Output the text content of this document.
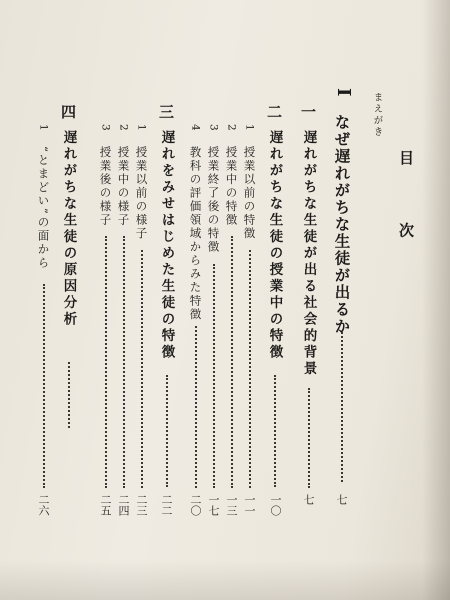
目 次
まえがき
I
なぜ遅れがちな生徒が出るか
七
一
遅れがちな生徒が出る社会的背景
七
二
遅れがちな生徒の授業中の特徴
一〇
1
授業以前の特徴
一一
2
授業中の特徴
一三
3
授業終了後の特徴
一七
4
教科の評価領域からみた特徴
二〇
三
遅れをみせはじめた生徒の特徴
二二
1
授業以前の様子
二三
2
授業中の様子
二四
3
授業後の様子
二五
四
遅れがちな生徒の原因分析
1
“とまどい”の面から
二六
